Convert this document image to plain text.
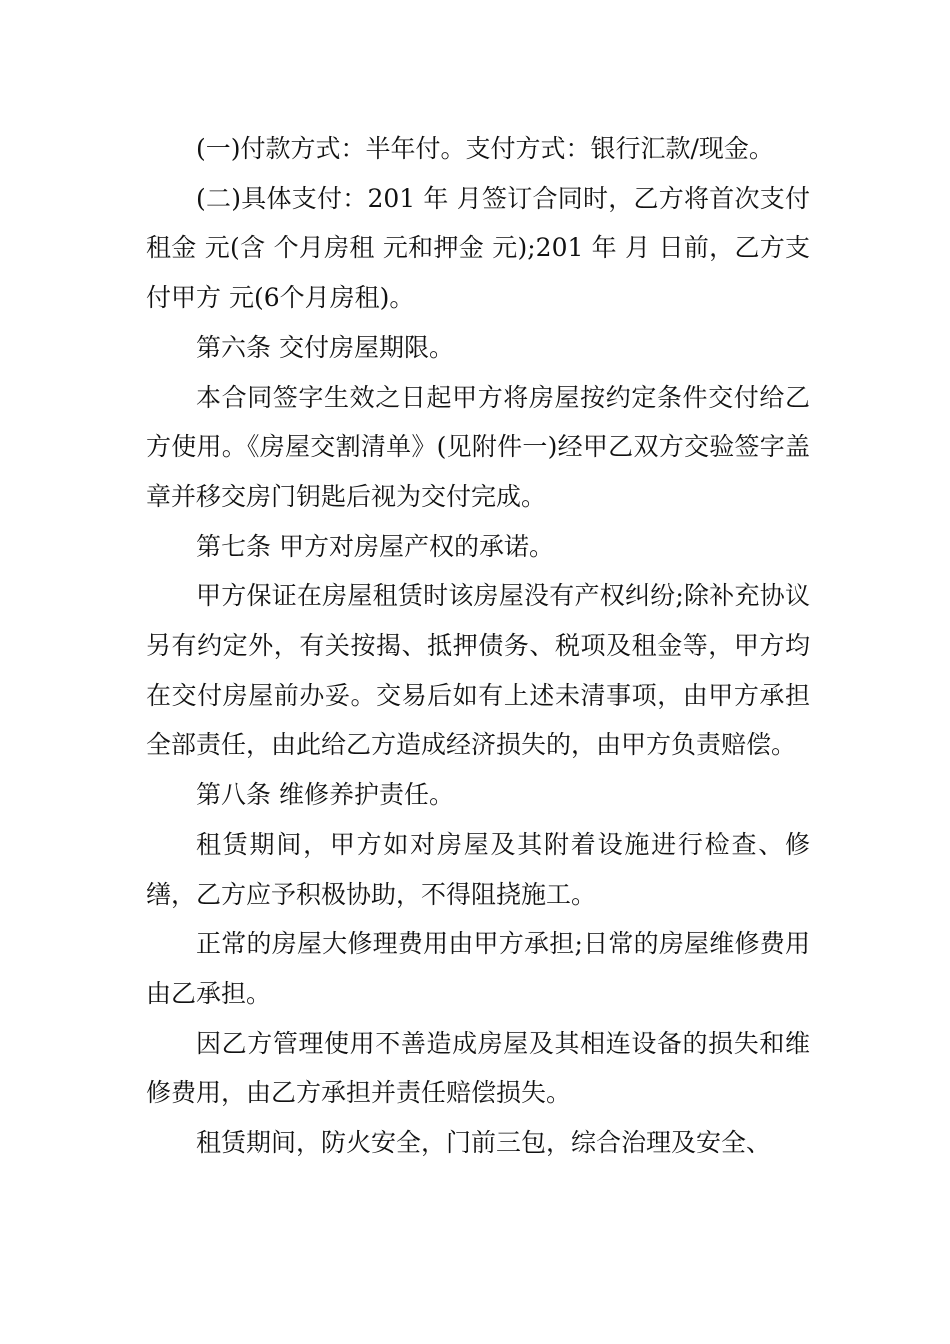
(一)付款方式：半年付。支付方式：银行汇款/现金。

(二)具体支付：201 年 月签订合同时，乙方将首次支付租金 元(含 个月房租 元和押金 元);201 年 月 日前，乙方支付甲方 元(6个月房租)。

第六条 交付房屋期限。

本合同签字生效之日起甲方将房屋按约定条件交付给乙方使用。《房屋交割清单》(见附件一)经甲乙双方交验签字盖章并移交房门钥匙后视为交付完成。

第七条 甲方对房屋产权的承诺。

甲方保证在房屋租赁时该房屋没有产权纠纷;除补充协议另有约定外，有关按揭、抵押债务、税项及租金等，甲方均在交付房屋前办妥。交易后如有上述未清事项，由甲方承担全部责任，由此给乙方造成经济损失的，由甲方负责赔偿。

第八条 维修养护责任。

租赁期间，甲方如对房屋及其附着设施进行检查、修缮，乙方应予积极协助，不得阻挠施工。

正常的房屋大修理费用由甲方承担;日常的房屋维修费用由乙承担。

因乙方管理使用不善造成房屋及其相连设备的损失和维修费用，由乙方承担并责任赔偿损失。

租赁期间，防火安全，门前三包，综合治理及安全、
